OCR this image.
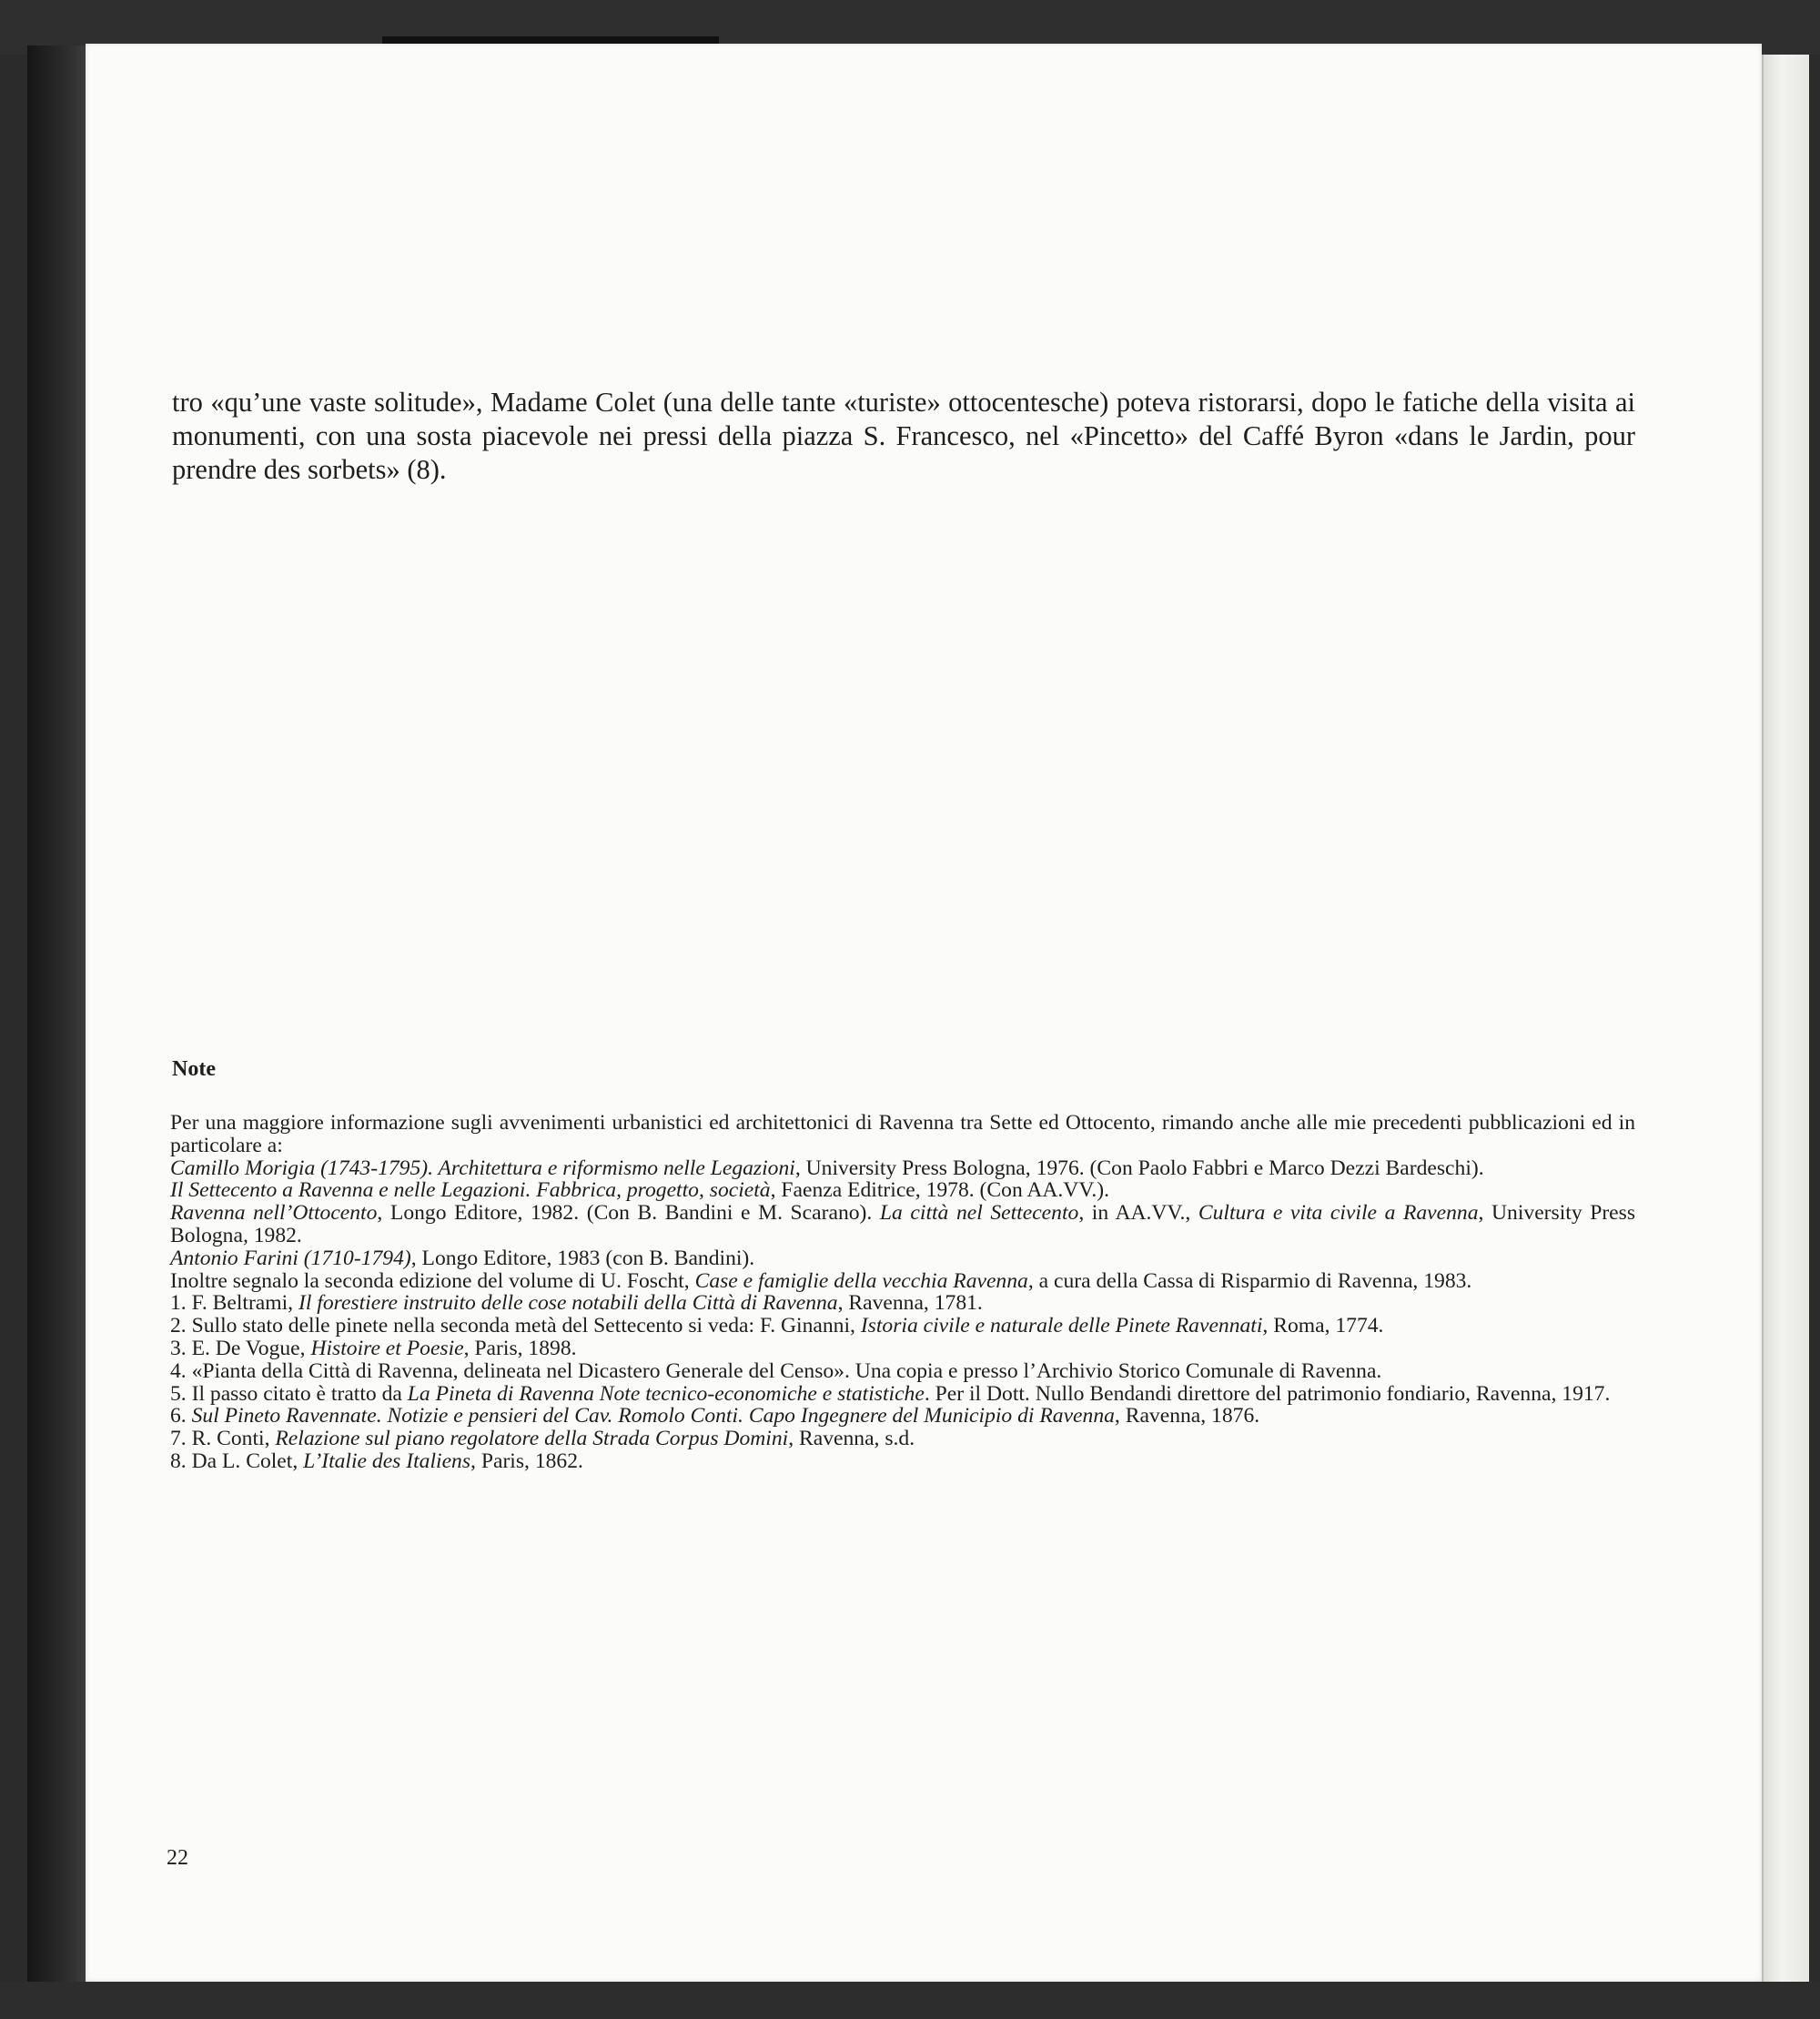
tro «qu’une vaste solitude», Madame Colet (una delle tante «turiste» ottocentesche) poteva ristorarsi, dopo le fatiche della visita ai monumenti, con una sosta piacevole nei pressi della piazza S. Francesco, nel «Pincetto» del Caffé Byron «dans le Jardin, pour prendre des sorbets» (8).

Note

Per una maggiore informazione sugli avvenimenti urbanistici ed architettonici di Ravenna tra Sette ed Ottocento, rimando anche alle mie precedenti pubblicazioni ed in particolare a:

Camillo Morigia (1743-1795). Architettura e riformismo nelle Legazioni, University Press Bologna, 1976. (Con Paolo Fabbri e Marco Dezzi Bardeschi).

Il Settecento a Ravenna e nelle Legazioni. Fabbrica, progetto, società, Faenza Editrice, 1978. (Con AA.VV.).

Ravenna nell’Ottocento, Longo Editore, 1982. (Con B. Bandini e M. Scarano). La città nel Settecento, in AA.VV., Cultura e vita civile a Ravenna, University Press Bologna, 1982.

Antonio Farini (1710-1794), Longo Editore, 1983 (con B. Bandini).

Inoltre segnalo la seconda edizione del volume di U. Foscht, Case e famiglie della vecchia Ravenna, a cura della Cassa di Risparmio di Ravenna, 1983.

1. F. Beltrami, Il forestiere instruito delle cose notabili della Città di Ravenna, Ravenna, 1781.

2. Sullo stato delle pinete nella seconda metà del Settecento si veda: F. Ginanni, Istoria civile e naturale delle Pinete Ravennati, Roma, 1774.

3. E. De Vogue, Histoire et Poesie, Paris, 1898.

4. «Pianta della Città di Ravenna, delineata nel Dicastero Generale del Censo». Una copia e presso l’Archivio Storico Comunale di Ravenna.

5. Il passo citato è tratto da La Pineta di Ravenna Note tecnico-economiche e statistiche. Per il Dott. Nullo Bendandi direttore del patrimonio fondiario, Ravenna, 1917.

6. Sul Pineto Ravennate. Notizie e pensieri del Cav. Romolo Conti. Capo Ingegnere del Municipio di Ravenna, Ravenna, 1876.

7. R. Conti, Relazione sul piano regolatore della Strada Corpus Domini, Ravenna, s.d.

8. Da L. Colet, L’Italie des Italiens, Paris, 1862.

22
